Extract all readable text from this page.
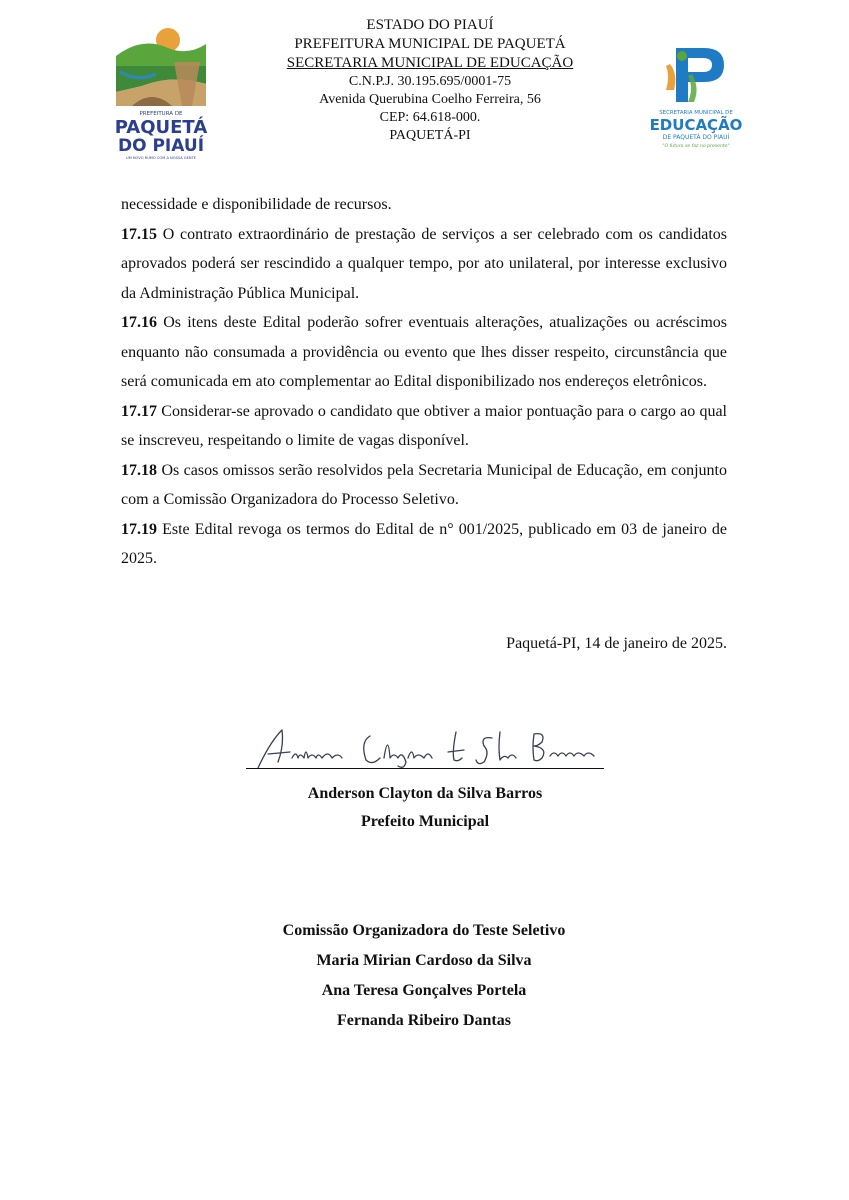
PREFEITURA DE
PAQUETÁ
DO PIAUÍ
UM NOVO RUMO COM A NOSSA GENTE
ESTADO DO PIAUÍ
PREFEITURA MUNICIPAL DE PAQUETÁ
SECRETARIA MUNICIPAL DE EDUCAÇÃO
C.N.P.J. 30.195.695/0001-75
Avenida Querubina Coelho Ferreira, 56
CEP: 64.618-000.
PAQUETÁ-PI
SECRETARIA MUNICIPAL DE
EDUCAÇÃO
DE PAQUETÁ DO PIAUÍ
"O futuro se faz no presente"

necessidade e disponibilidade de recursos.

17.15 O contrato extraordinário de prestação de serviços a ser celebrado com os candidatos aprovados poderá ser rescindido a qualquer tempo, por ato unilateral, por interesse exclusivo da Administração Pública Municipal.

17.16 Os itens deste Edital poderão sofrer eventuais alterações, atualizações ou acréscimos enquanto não consumada a providência ou evento que lhes disser respeito, circunstância que será comunicada em ato complementar ao Edital disponibilizado nos endereços eletrônicos.

17.17 Considerar-se aprovado o candidato que obtiver a maior pontuação para o cargo ao qual se inscreveu, respeitando o limite de vagas disponível.

17.18 Os casos omissos serão resolvidos pela Secretaria Municipal de Educação, em conjunto com a Comissão Organizadora do Processo Seletivo.

17.19 Este Edital revoga os termos do Edital de n° 001/2025, publicado em 03 de janeiro de 2025.

Paquetá-PI, 14 de janeiro de 2025.
Anderson Clayton da Silva Barros
Prefeito Municipal
Comissão Organizadora do Teste Seletivo
Maria Mirian Cardoso da Silva
Ana Teresa Gonçalves Portela
Fernanda Ribeiro Dantas
